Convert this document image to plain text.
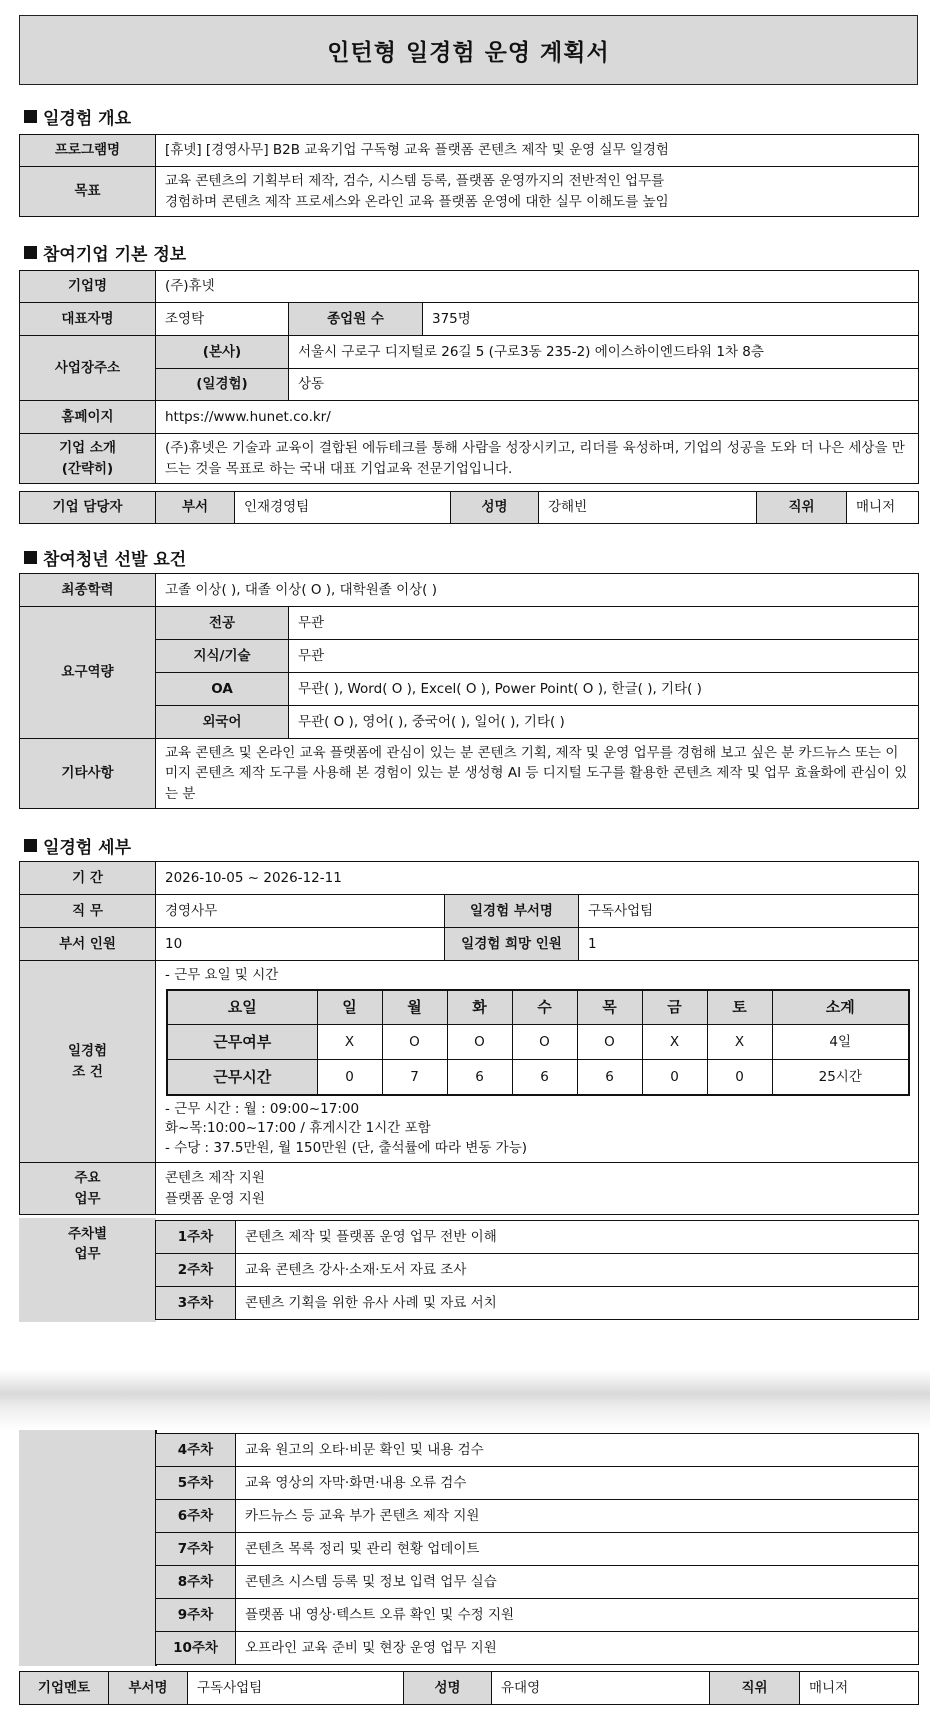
인턴형 일경험 운영 계획서
일경험 개요
프로그램명	[휴넷] [경영사무] B2B 교육기업 구독형 교육 플랫폼 콘텐츠 제작 및 운영 실무 일경험
목표	교육 콘텐츠의 기획부터 제작, 검수, 시스템 등록, 플랫폼 운영까지의 전반적인 업무를
경험하며 콘텐츠 제작 프로세스와 온라인 교육 플랫폼 운영에 대한 실무 이해도를 높임
참여기업 기본 정보
기업명	(주)휴넷		
대표자명	조영탁	종업원 수	375명
사업장주소	(본사)	서울시 구로구 디지털로 26길 5 (구로3동 235-2) 에이스하이엔드타워 1차 8층	
	(일경험)	상동	
홈페이지	https://www.hunet.co.kr/		
기업 소개
(간략히)	(주)휴넷은 기술과 교육이 결합된 에듀테크를 통해 사람을 성장시키고, 리더를 육성하며, 기업의 성공을 도와 더 나은 세상을 만드는 것을 목표로 하는 국내 대표 기업교육 전문기업입니다.		
기업 담당자	부서	인재경영팀	성명	강해빈	직위	매니저
참여청년 선발 요건
최종학력	고졸 이상( ), 대졸 이상( O ), 대학원졸 이상( )	
요구역량	전공	무관
	지식/기술	무관
	OA	무관( ), Word( O ), Excel( O ), Power Point( O ), 한글( ), 기타( )
	외국어	무관( O ), 영어( ), 중국어( ), 일어( ), 기타( )
기타사항	교육 콘텐츠 및 온라인 교육 플랫폼에 관심이 있는 분 콘텐츠 기획, 제작 및 운영 업무를 경험해 보고 싶은 분 카드뉴스 또는 이미지 콘텐츠 제작 도구를 사용해 본 경험이 있는 분 생성형 AI 등 디지털 도구를 활용한 콘텐츠 제작 및 업무 효율화에 관심이 있는 분	
일경험 세부
기 간	2026-10-05 ~ 2026-12-11
직 무	경영사무	일경험 부서명	구독사업팀
부서 인원	10	일경험 희망 인원	1
일경험
조 건	
- 근무 요일 및 시간
요일	일	월	화	수	목	금	토	소계
근무여부	X	O	O	O	O	X	X	4일
근무시간	0	7	6	6	6	0	0	25시간
- 근무 시간 : 월 : 09:00~17:00
화~목:10:00~17:00 / 휴게시간 1시간 포함
- 수당 : 37.5만원, 월 150만원 (단, 출석률에 따라 변동 가능)

주요
업무	콘텐츠 제작 지원
플랫폼 운영 지원
주차별
업무
1주차	콘텐츠 제작 및 플랫폼 운영 업무 전반 이해
2주차	교육 콘텐츠 강사·소재·도서 자료 조사
3주차	콘텐츠 기획을 위한 유사 사례 및 자료 서치
4주차	교육 원고의 오타·비문 확인 및 내용 검수
5주차	교육 영상의 자막·화면·내용 오류 검수
6주차	카드뉴스 등 교육 부가 콘텐츠 제작 지원
7주차	콘텐츠 목록 정리 및 관리 현황 업데이트
8주차	콘텐츠 시스템 등록 및 정보 입력 업무 실습
9주차	플랫폼 내 영상·텍스트 오류 확인 및 수정 지원
10주차	오프라인 교육 준비 및 현장 운영 업무 지원
기업멘토	부서명	구독사업팀	성명	유대영	직위	매니저
